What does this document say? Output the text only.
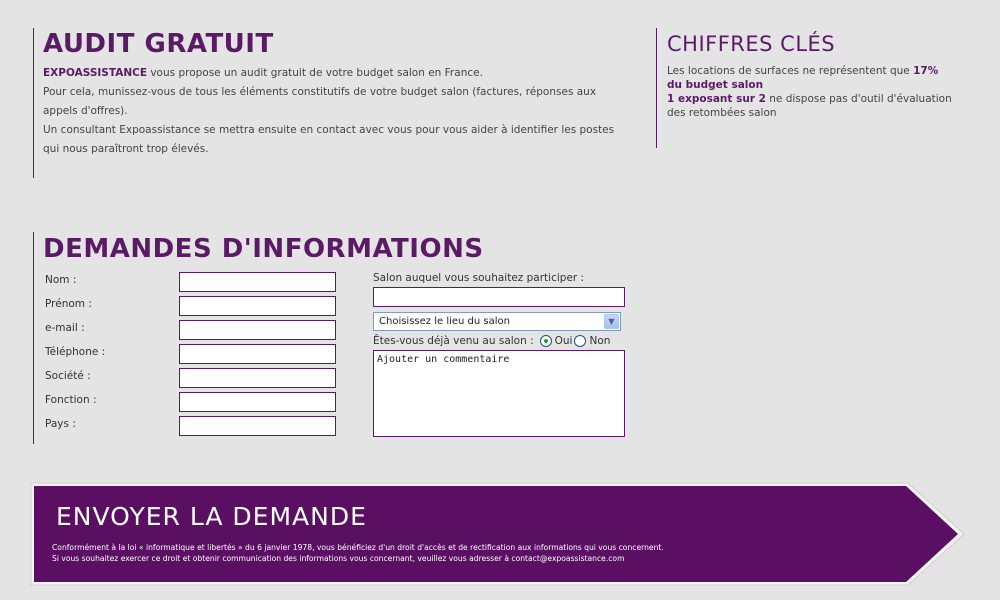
AUDIT GRATUIT

EXPOASSISTANCE vous propose un audit gratuit de votre budget salon en France.
Pour cela, munissez-vous de tous les éléments constitutifs de votre budget salon (factures, réponses aux appels d'offres).
Un consultant Expoassistance se mettra ensuite en contact avec vous pour vous aider à identifier les postes qui nous paraîtront trop élevés.

CHIFFRES CLÉS

Les locations de surfaces ne représentent que 17% du budget salon
1 exposant sur 2 ne dispose pas d'outil d'évaluation des retombées salon

DEMANDES D'INFORMATIONS
Nom :
Prénom :
e-mail :
Téléphone :
Société :
Fonction :
Pays :
Salon auquel vous souhaitez participer :
Choisissez le lieu du salon	▼
Êtes-vous déjà venu au salon : Oui Non
Ajouter un commentaire
ENVOYER LA DEMANDE
Conformément à la loi « informatique et libertés » du 6 janvier 1978, vous bénéficiez d'un droit d'accès et de rectification aux informations qui vous concernent.
Si vous souhaitez exercer ce droit et obtenir communication des informations vous concernant, veuillez vous adresser à contact@expoassistance.com
